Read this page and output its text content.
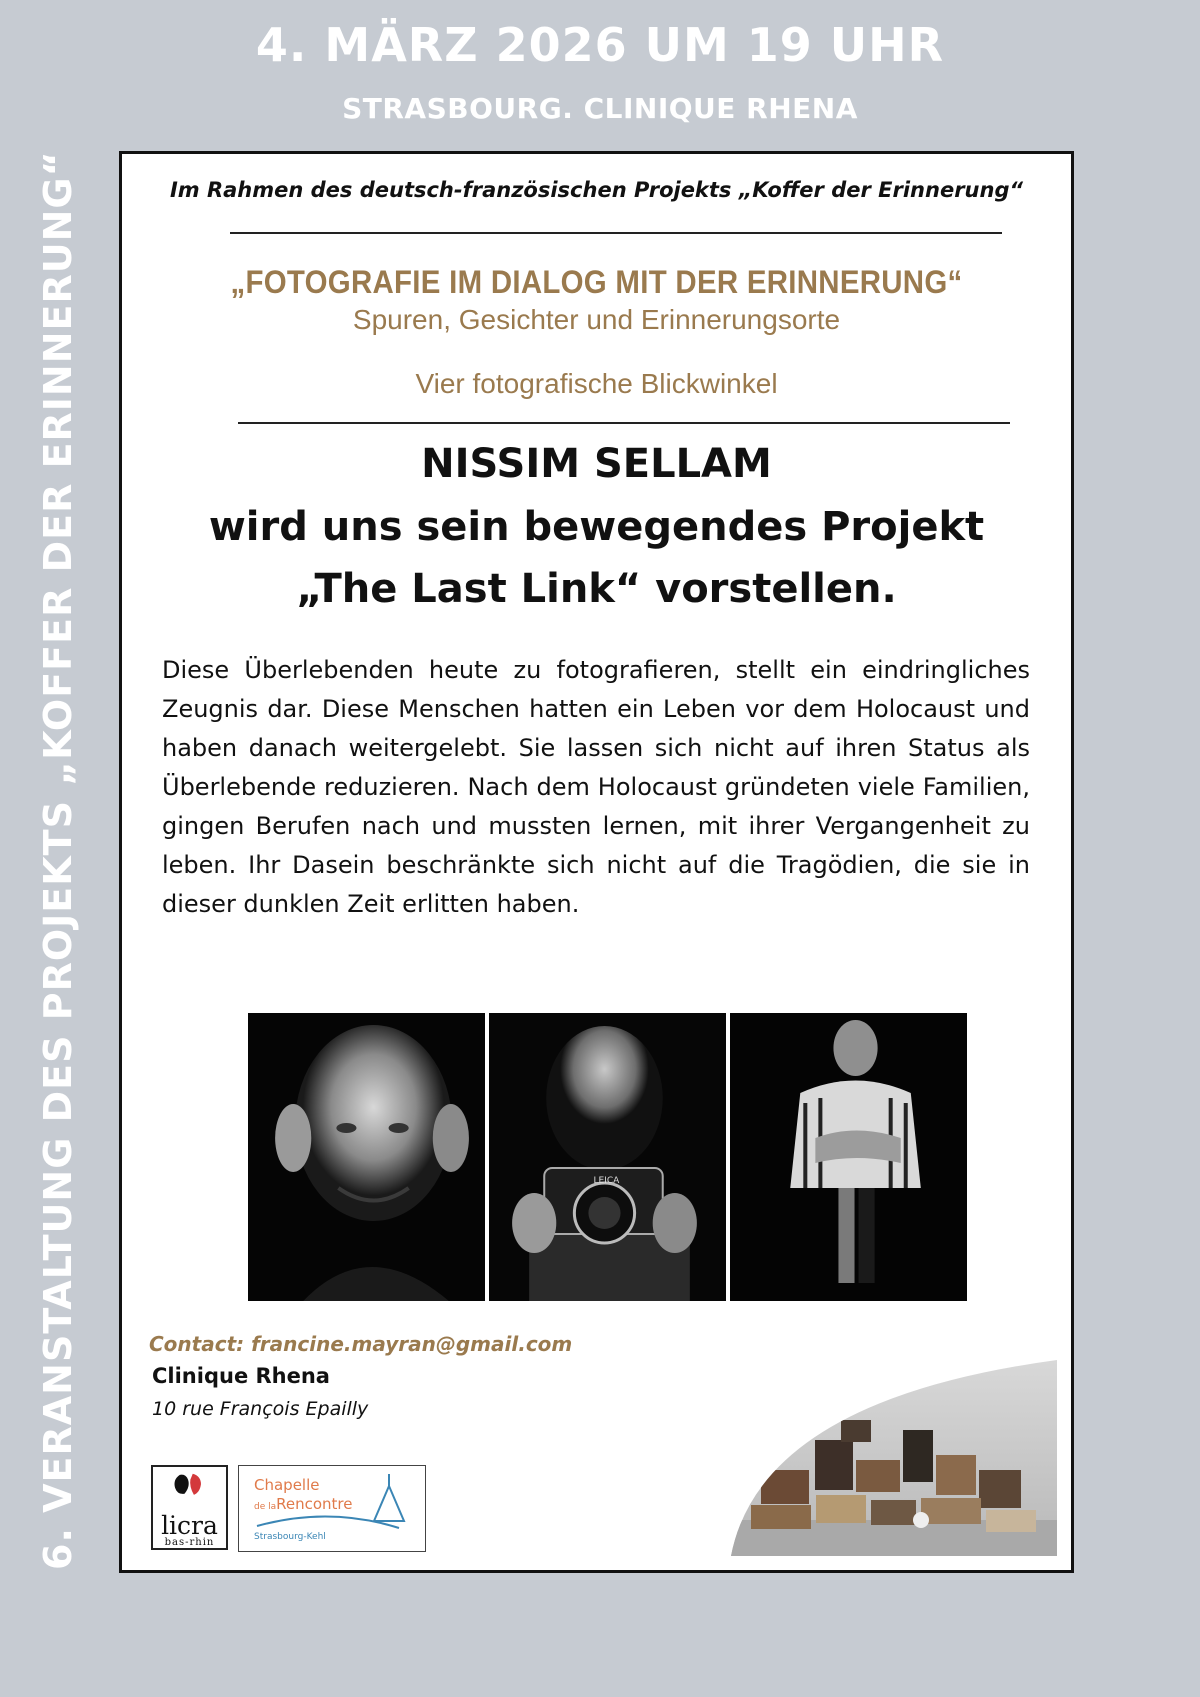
4. MÄRZ 2026 UM 19 UHR
STRASBOURG. CLINIQUE RHENA
6. VERANSTALTUNG DES PROJEKTS „KOFFER DER ERINNERUNG“	Im Rahmen des deutsch-französischen Projekts „Koffer der Erinnerung“
„FOTOGRAFIE IM DIALOG MIT DER ERINNERUNG“
Spuren, Gesichter und Erinnerungsorte
Vier fotografische Blickwinkel
NISSIM SELLAM
wird uns sein bewegendes Projekt
„The Last Link“ vorstellen.
Diese Überlebenden heute zu fotografieren, stellt ein eindringliches Zeugnis dar. Diese Menschen hatten ein Leben vor dem Holocaust und haben danach weitergelebt. Sie lassen sich nicht auf ihren Status als Überlebende reduzieren. Nach dem Holocaust gründeten viele Familien, gingen Berufen nach und mussten lernen, mit ihrer Vergangenheit zu leben. Ihr Dasein beschränkte sich nicht auf die Tragödien, die sie in dieser dunklen Zeit erlitten haben.
LEICA
Contact: francine.mayran@gmail.com
Clinique Rhena
10 rue François Epailly
licra
bas-rhin
Chapelle
de laRencontre
Strasbourg-Kehl
